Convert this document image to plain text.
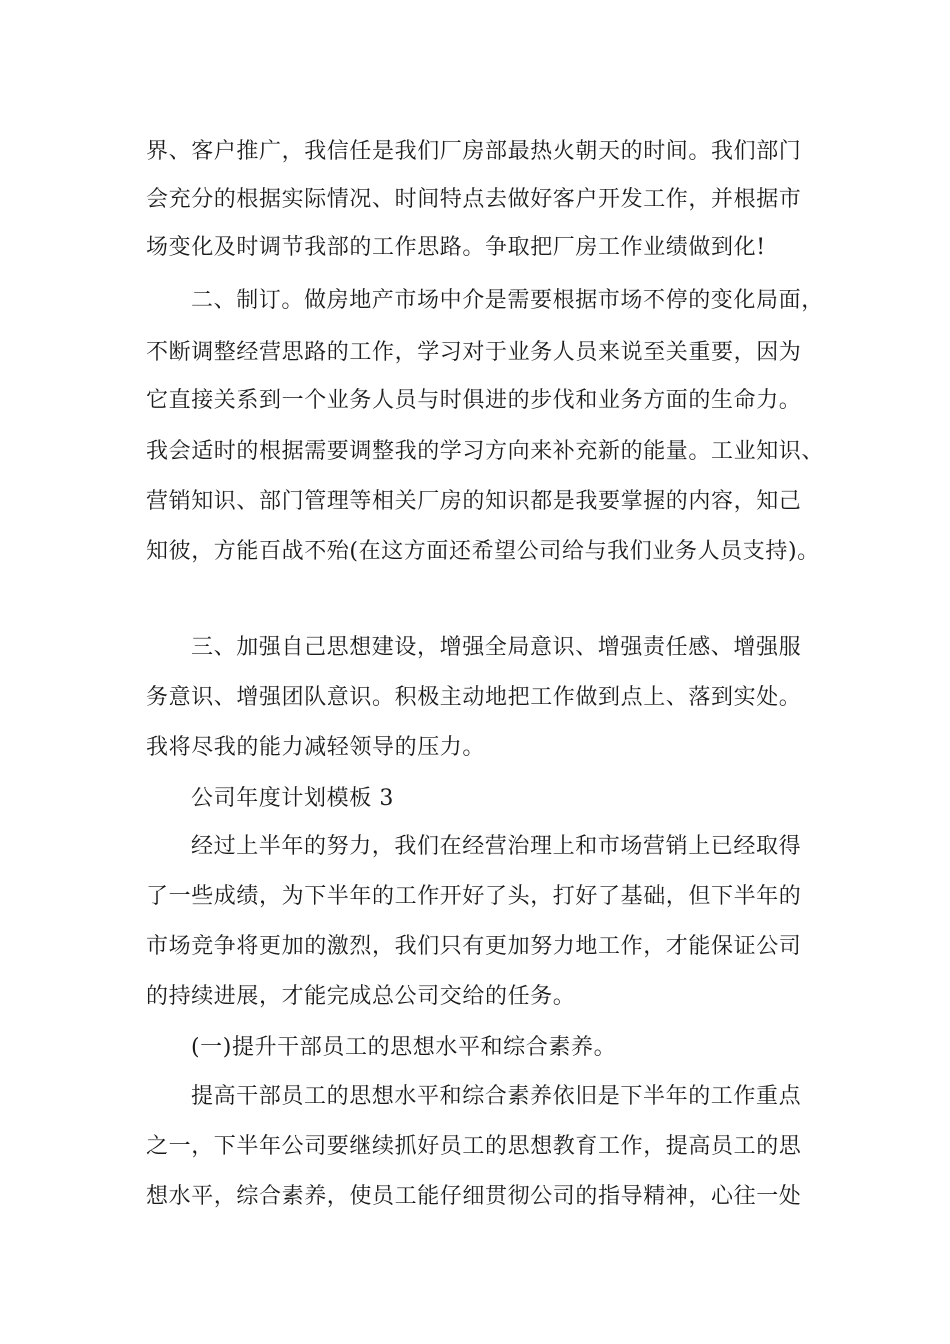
界、客户推广，我信任是我们厂房部最热火朝天的时间。我们部门
会充分的根据实际情况、时间特点去做好客户开发工作，并根据市
场变化及时调节我部的工作思路。争取把厂房工作业绩做到化!
二、制订。做房地产市场中介是需要根据市场不停的变化局面，
不断调整经营思路的工作，学习对于业务人员来说至关重要，因为
它直接关系到一个业务人员与时俱进的步伐和业务方面的生命力。
我会适时的根据需要调整我的学习方向来补充新的能量。工业知识、
营销知识、部门管理等相关厂房的知识都是我要掌握的内容，知己
知彼，方能百战不殆(在这方面还希望公司给与我们业务人员支持)。
三、加强自己思想建设，增强全局意识、增强责任感、增强服
务意识、增强团队意识。积极主动地把工作做到点上、落到实处。
我将尽我的能力减轻领导的压力。
公司年度计划模板 3
经过上半年的努力，我们在经营治理上和市场营销上已经取得
了一些成绩，为下半年的工作开好了头，打好了基础，但下半年的
市场竞争将更加的激烈，我们只有更加努力地工作，才能保证公司
的持续进展，才能完成总公司交给的任务。
(一)提升干部员工的思想水平和综合素养。
提高干部员工的思想水平和综合素养依旧是下半年的工作重点
之一，下半年公司要继续抓好员工的思想教育工作，提高员工的思
想水平，综合素养，使员工能仔细贯彻公司的指导精神，心往一处
